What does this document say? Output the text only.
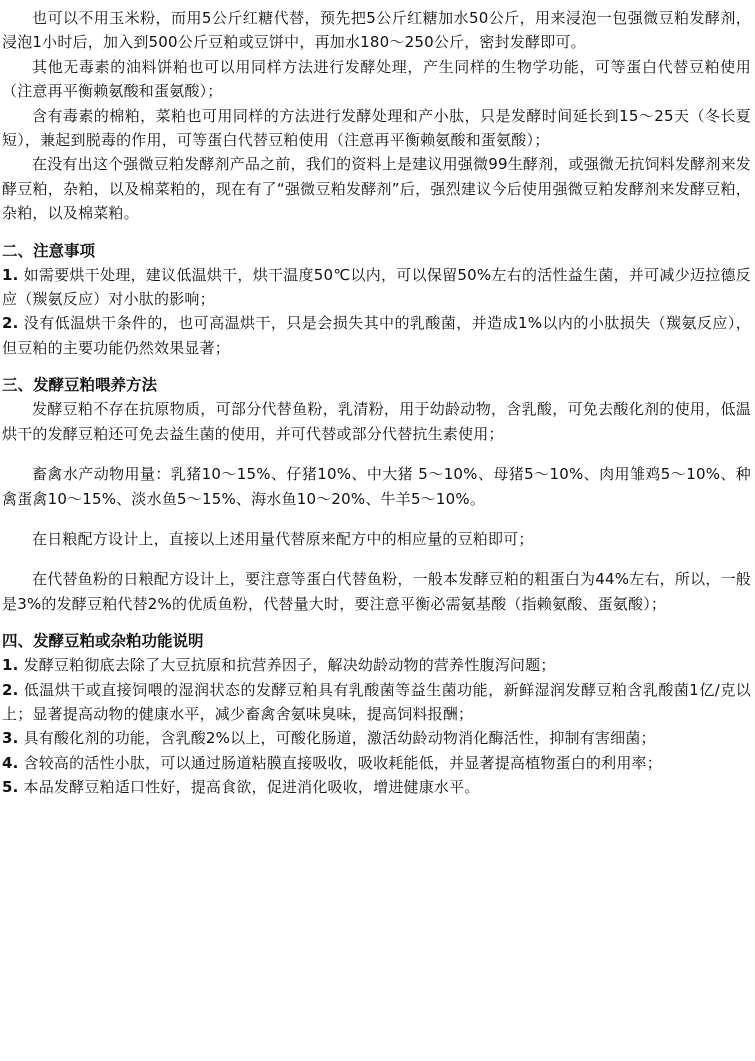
也可以不用玉米粉，而用5公斤红糖代替，预先把5公斤红糖加水50公斤，用来浸泡一包强微豆粕发酵剂，浸泡1小时后，加入到500公斤豆粕或豆饼中，再加水180～250公斤，密封发酵即可。

其他无毒素的油料饼粕也可以用同样方法进行发酵处理，产生同样的生物学功能，可等蛋白代替豆粕使用（注意再平衡赖氨酸和蛋氨酸）；

含有毒素的棉粕，菜粕也可用同样的方法进行发酵处理和产小肽，只是发酵时间延长到15～25天（冬长夏短），兼起到脱毒的作用，可等蛋白代替豆粕使用（注意再平衡赖氨酸和蛋氨酸）；

在没有出这个强微豆粕发酵剂产品之前，我们的资料上是建议用强微99生酵剂，或强微无抗饲料发酵剂来发酵豆粕，杂粕，以及棉菜粕的，现在有了“强微豆粕发酵剂”后，强烈建议今后使用强微豆粕发酵剂来发酵豆粕，杂粕，以及棉菜粕。

二、注意事项

1. 如需要烘干处理，建议低温烘干，烘干温度50℃以内，可以保留50%左右的活性益生菌，并可减少迈拉德反应（羰氨反应）对小肽的影响；

2. 没有低温烘干条件的，也可高温烘干，只是会损失其中的乳酸菌，并造成1%以内的小肽损失（羰氨反应），但豆粕的主要功能仍然效果显著；

三、发酵豆粕喂养方法

发酵豆粕不存在抗原物质，可部分代替鱼粉，乳清粉，用于幼龄动物，含乳酸，可免去酸化剂的使用，低温烘干的发酵豆粕还可免去益生菌的使用，并可代替或部分代替抗生素使用；

畜禽水产动物用量：乳猪10～15%、仔猪10%、中大猪 5～10%、母猪5～10%、肉用雏鸡5～10%、种禽蛋禽10～15%、淡水鱼5～15%、海水鱼10～20%、牛羊5～10%。

在日粮配方设计上，直接以上述用量代替原来配方中的相应量的豆粕即可；

在代替鱼粉的日粮配方设计上，要注意等蛋白代替鱼粉，一般本发酵豆粕的粗蛋白为44%左右，所以，一般是3%的发酵豆粕代替2%的优质鱼粉，代替量大时，要注意平衡必需氨基酸（指赖氨酸、蛋氨酸）；

四、发酵豆粕或杂粕功能说明

1. 发酵豆粕彻底去除了大豆抗原和抗营养因子，解决幼龄动物的营养性腹泻问题；

2. 低温烘干或直接饲喂的湿润状态的发酵豆粕具有乳酸菌等益生菌功能，新鲜湿润发酵豆粕含乳酸菌1亿/克以上；显著提高动物的健康水平，减少畜禽舍氨味臭味，提高饲料报酬；

3. 具有酸化剂的功能，含乳酸2%以上，可酸化肠道，激活幼龄动物消化酶活性，抑制有害细菌；

4. 含较高的活性小肽，可以通过肠道粘膜直接吸收，吸收耗能低，并显著提高植物蛋白的利用率；

5. 本品发酵豆粕适口性好，提高食欲，促进消化吸收，增进健康水平。
